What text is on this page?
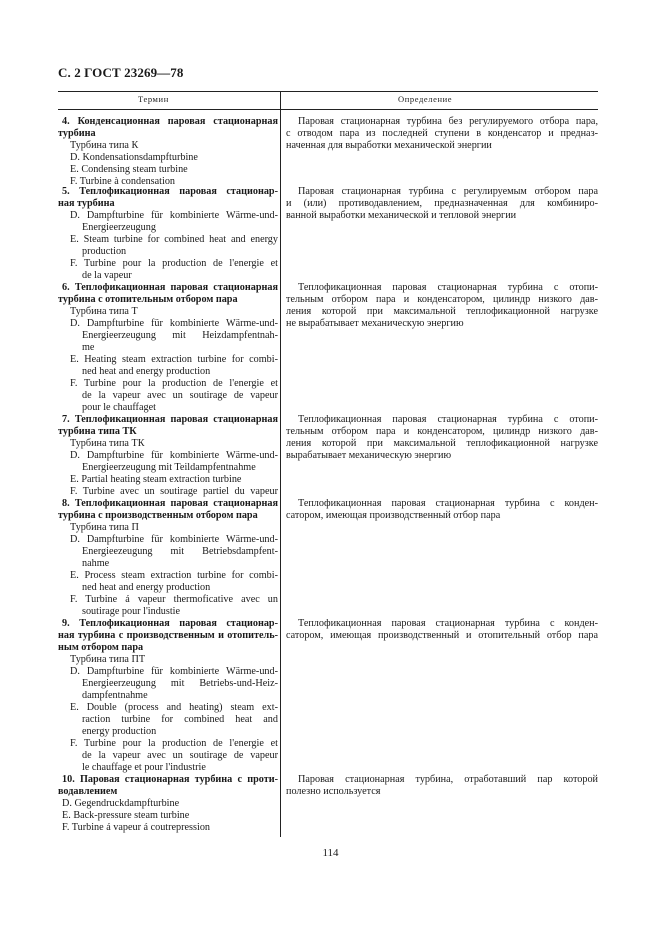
С. 2 ГОСТ 23269—78
Термин	Определение
4. Конденсационная паровая стационарная
турбина
Турбина типа К
D. Kondensationsdampfturbine
E. Condensing steam turbine
F. Turbine à condensation
Паровая стационарная турбина без регулируемого отбора пара,
с отводом пара из последней ступени в конденсатор и предназ-
наченная для выработки механической энергии
5. Теплофикационная паровая стационар-
ная турбина
D. Dampfturbine für kombinierte Wärme-und-
Energieerzeugung
E. Steam turbine for combined heat and energy
production
F. Turbine pour la production de l'energie et
de la vapeur
Паровая стационарная турбина с регулируемым отбором пара
и (или) противодавлением, предназначенная для комбиниро-
ванной выработки механической и тепловой энергии
6. Теплофикационная паровая стационарная
турбина с отопительным отбором пара
Турбина типа Т
D. Dampfturbine für kombinierte Wärme-und-
Energieerzeugung mit Heizdampfentnah-
me
E. Heating steam extraction turbine for combi-
ned heat and energy production
F. Turbine pour la production de l'energie et
de la vapeur avec un soutirage de vapeur
pour le chauffaget
Теплофикационная паровая стационарная турбина с отопи-
тельным отбором пара и конденсатором, цилиндр низкого дав-
ления которой при максимальной теплофикационной нагрузке
не вырабатывает механическую энергию
7. Теплофикационная паровая стационарная
турбина типа ТК
Турбина типа ТК
D. Dampfturbine für kombinierte Wärme-und-
Energieerzeugung mit Teildampfentnahme
E. Partial heating steam extraction turbine
F. Turbine avec un soutirage partiel du vapeur
Теплофикационная паровая стационарная турбина с отопи-
тельным отбором пара и конденсатором, цилиндр низкого дав-
ления которой при максимальной теплофикационной нагрузке
вырабатывает механическую энергию
8. Теплофикационная паровая стационарная
турбина с производственным отбором пара
Турбина типа П
D. Dampfturbine für kombinierte Wärme-und-
Energieezeugung mit Betriebsdampfent-
nahme
E. Process steam extraction turbine for combi-
ned heat and energy production
F. Turbine á vapeur thermoficative avec un
soutirage pour l'industie
Теплофикационная паровая стационарная турбина с конден-
сатором, имеющая производственный отбор пара
9. Теплофикационная паровая стационар-
ная турбина с производственным и отопитель-
ным отбором пара
Турбина типа ПТ
D. Dampfturbine für kombinierte Wärme-und-
Energieerzeugung mit Betriebs-und-Heiz-
dampfentnahme
E. Double (process and heating) steam ext-
raction turbine for combined heat and
energy production
F. Turbine pour la production de l'energie et
de la vapeur avec un soutirage de vapeur
le chauffage et pour l'industrie
Теплофикационная паровая стационарная турбина с конден-
сатором, имеющая производственный и отопительный отбор пара
10. Паровая стационарная турбина с проти-
водавлением
D. Gegendruckdampfturbine
E. Back-pressure steam turbine
F. Turbine á vapeur á coutrepression
Паровая стационарная турбина, отработавший пар которой
полезно используется
114
